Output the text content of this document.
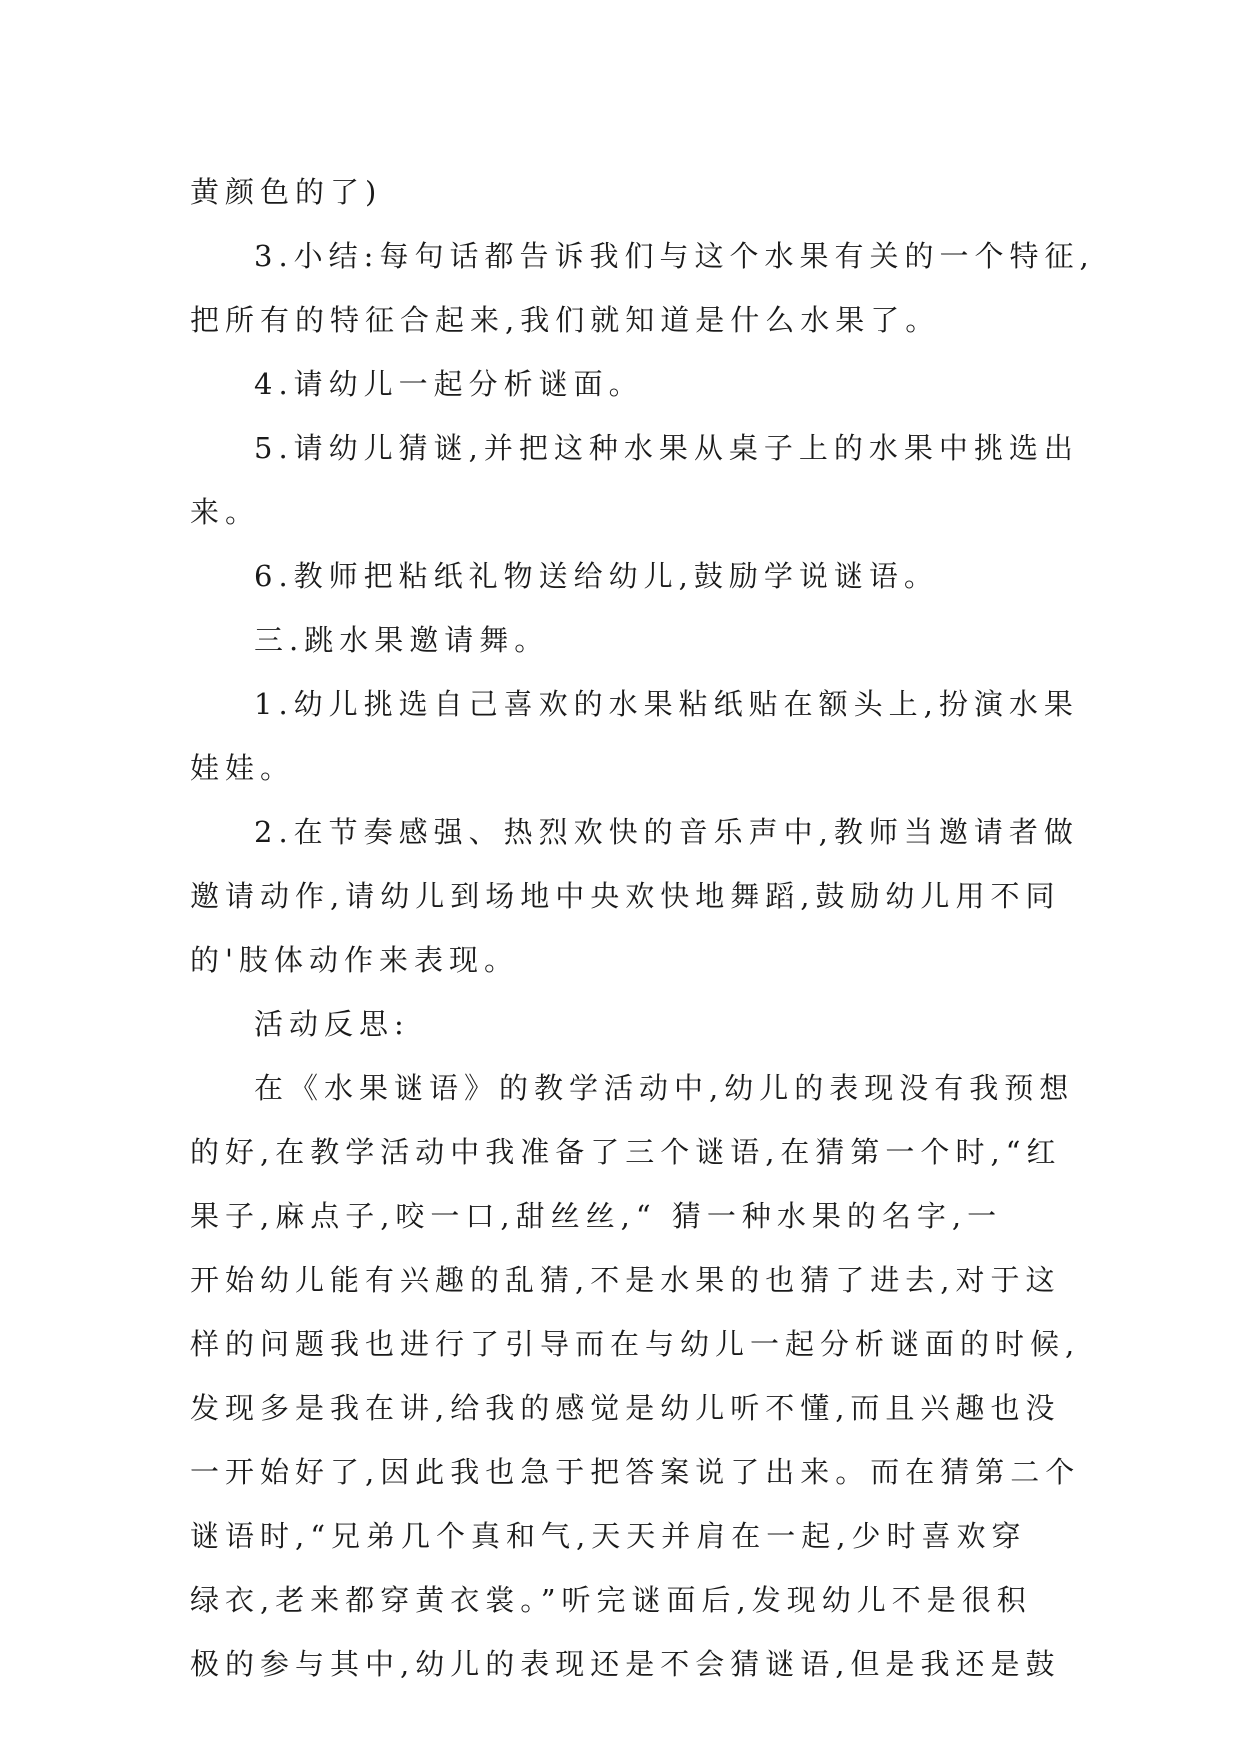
黄颜色的了)
3.小结:每句话都告诉我们与这个水果有关的一个特征,
把所有的特征合起来,我们就知道是什么水果了。
4.请幼儿一起分析谜面。
5.请幼儿猜谜,并把这种水果从桌子上的水果中挑选出
来。
6.教师把粘纸礼物送给幼儿,鼓励学说谜语。
三.跳水果邀请舞。
1.幼儿挑选自己喜欢的水果粘纸贴在额头上,扮演水果
娃娃。
2.在节奏感强、热烈欢快的音乐声中,教师当邀请者做
邀请动作,请幼儿到场地中央欢快地舞蹈,鼓励幼儿用不同
的'肢体动作来表现。
活动反思:
在《水果谜语》的教学活动中,幼儿的表现没有我预想
的好,在教学活动中我准备了三个谜语,在猜第一个时,“红
果子,麻点子,咬一口,甜丝丝,“ 猜一种水果的名字,一
开始幼儿能有兴趣的乱猜,不是水果的也猜了进去,对于这
样的问题我也进行了引导而在与幼儿一起分析谜面的时候,
发现多是我在讲,给我的感觉是幼儿听不懂,而且兴趣也没
一开始好了,因此我也急于把答案说了出来。而在猜第二个
谜语时,“兄弟几个真和气,天天并肩在一起,少时喜欢穿
绿衣,老来都穿黄衣裳。”听完谜面后,发现幼儿不是很积
极的参与其中,幼儿的表现还是不会猜谜语,但是我还是鼓
